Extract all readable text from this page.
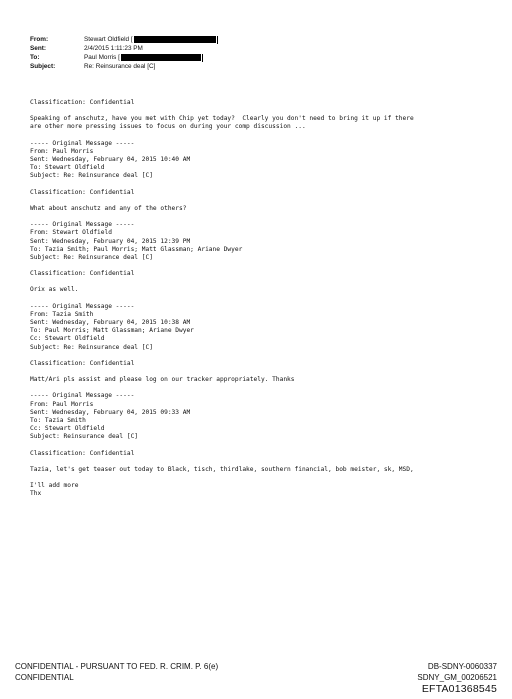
From:	Stewart Oldfield [
Sent:	2/4/2015 1:11:23 PM
To:	Paul Morris [
Subject:	Re: Reinsurance deal [C]
Classification: Confidential
Speaking of anschutz, have you met with Chip yet today?  Clearly you don't need to bring it up if there
are other more pressing issues to focus on during your comp discussion ...
----- Original Message -----
From: Paul Morris
Sent: Wednesday, February 04, 2015 10:40 AM
To: Stewart Oldfield
Subject: Re: Reinsurance deal [C]
Classification: Confidential
What about anschutz and any of the others?
----- Original Message -----
From: Stewart Oldfield
Sent: Wednesday, February 04, 2015 12:39 PM
To: Tazia Smith; Paul Morris; Matt Glassman; Ariane Dwyer
Subject: Re: Reinsurance deal [C]
Classification: Confidential
Orix as well.
----- Original Message -----
From: Tazia Smith
Sent: Wednesday, February 04, 2015 10:38 AM
To: Paul Morris; Matt Glassman; Ariane Dwyer
Cc: Stewart Oldfield
Subject: Re: Reinsurance deal [C]
Classification: Confidential
Matt/Ari pls assist and please log on our tracker appropriately. Thanks
----- Original Message -----
From: Paul Morris
Sent: Wednesday, February 04, 2015 09:33 AM
To: Tazia Smith
Cc: Stewart Oldfield
Subject: Reinsurance deal [C]
Classification: Confidential
Tazia, let's get teaser out today to Black, tisch, thirdlake, southern financial, bob meister, sk, MSD,
I'll add more
Thx
CONFIDENTIAL - PURSUANT TO FED. R. CRIM. P. 6(e)
CONFIDENTIAL
DB-SDNY-0060337
SDNY_GM_00206521
EFTA01368545
